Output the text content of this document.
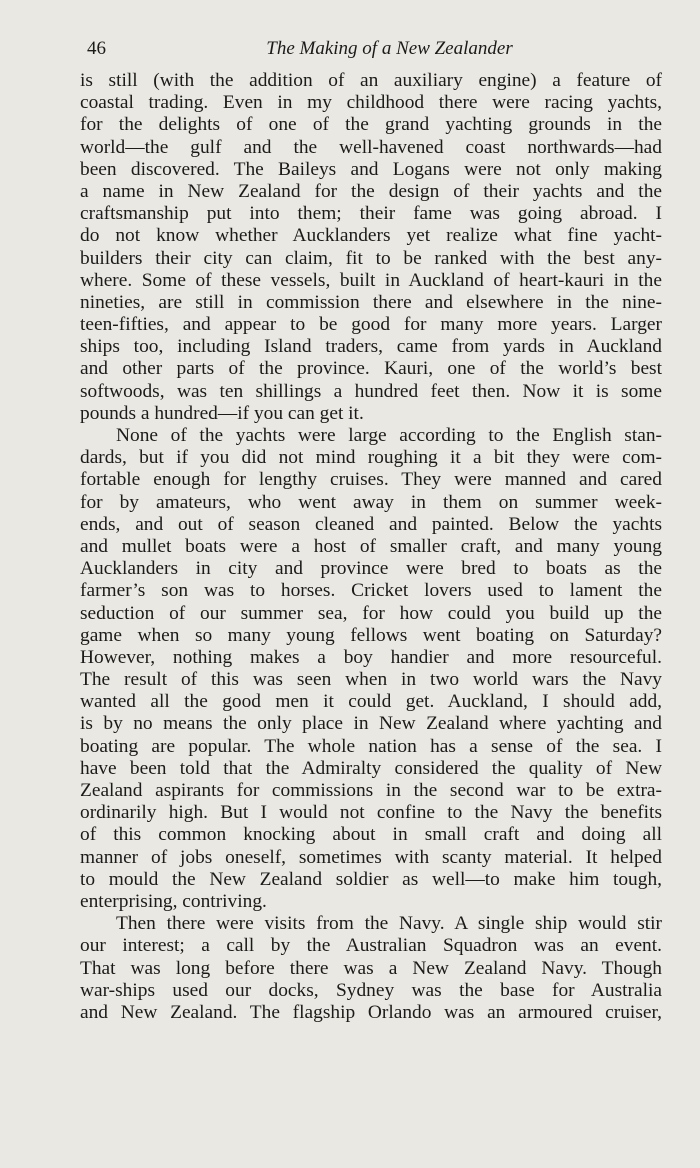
46	The Making of a New Zealander
is still (with the addition of an auxiliary engine) a feature of
coastal trading. Even in my childhood there were racing yachts,
for the delights of one of the grand yachting grounds in the
world—the gulf and the well-havened coast northwards—had
been discovered. The Baileys and Logans were not only making
a name in New Zealand for the design of their yachts and the
craftsmanship put into them; their fame was going abroad. I
do not know whether Aucklanders yet realize what fine yacht-
builders their city can claim, fit to be ranked with the best any-
where. Some of these vessels, built in Auckland of heart-kauri in the
nineties, are still in commission there and elsewhere in the nine-
teen-fifties, and appear to be good for many more years. Larger
ships too, including Island traders, came from yards in Auckland
and other parts of the province. Kauri, one of the world’s best
softwoods, was ten shillings a hundred feet then. Now it is some
pounds a hundred—if you can get it.
None of the yachts were large according to the English stan-
dards, but if you did not mind roughing it a bit they were com-
fortable enough for lengthy cruises. They were manned and cared
for by amateurs, who went away in them on summer week-
ends, and out of season cleaned and painted. Below the yachts
and mullet boats were a host of smaller craft, and many young
Aucklanders in city and province were bred to boats as the
farmer’s son was to horses. Cricket lovers used to lament the
seduction of our summer sea, for how could you build up the
game when so many young fellows went boating on Saturday?
However, nothing makes a boy handier and more resourceful.
The result of this was seen when in two world wars the Navy
wanted all the good men it could get. Auckland, I should add,
is by no means the only place in New Zealand where yachting and
boating are popular. The whole nation has a sense of the sea. I
have been told that the Admiralty considered the quality of New
Zealand aspirants for commissions in the second war to be extra-
ordinarily high. But I would not confine to the Navy the benefits
of this common knocking about in small craft and doing all
manner of jobs oneself, sometimes with scanty material. It helped
to mould the New Zealand soldier as well—to make him tough,
enterprising, contriving.
Then there were visits from the Navy. A single ship would stir
our interest; a call by the Australian Squadron was an event.
That was long before there was a New Zealand Navy. Though
war-ships used our docks, Sydney was the base for Australia
and New Zealand. The flagship Orlando was an armoured cruiser,
